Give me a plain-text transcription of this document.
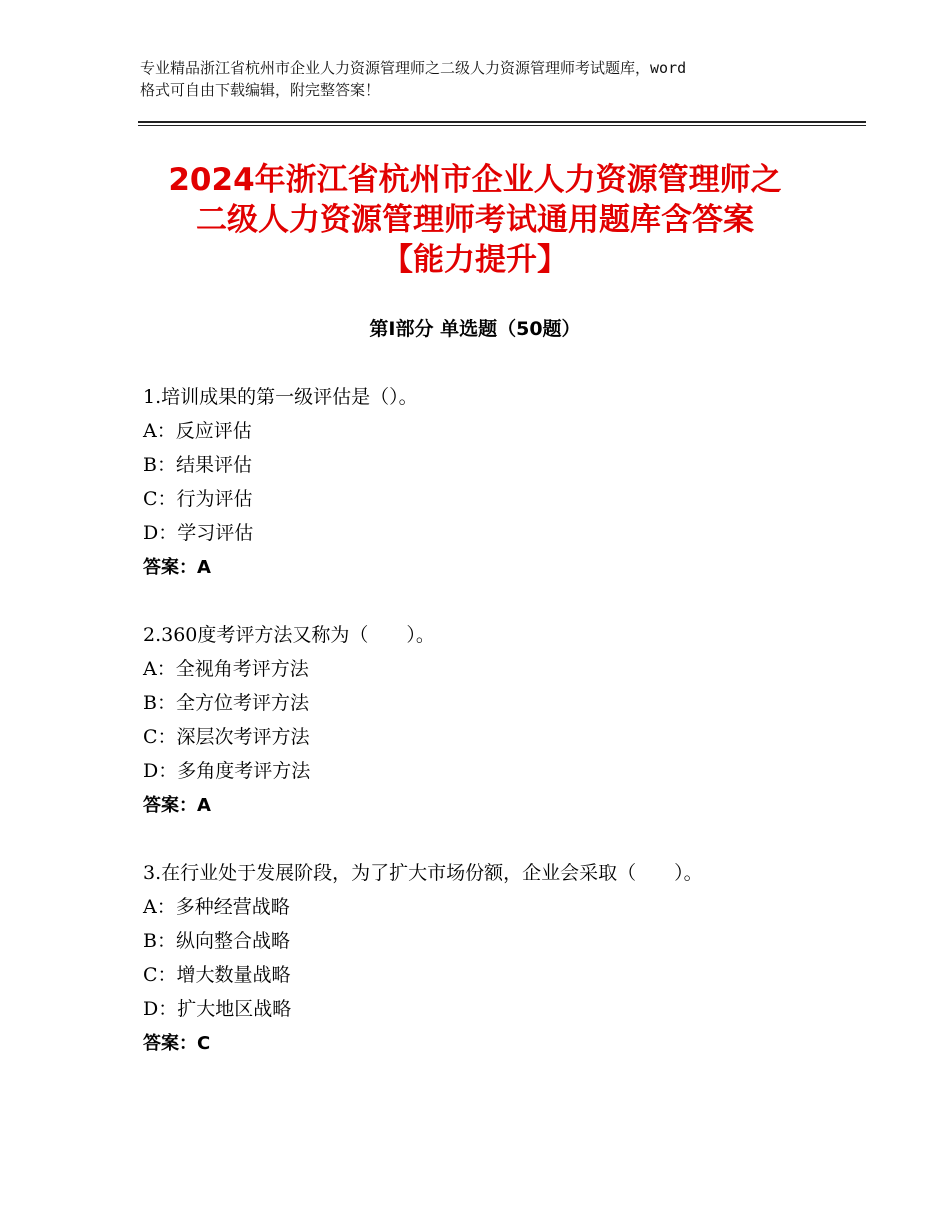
专业精品浙江省杭州市企业人力资源管理师之二级人力资源管理师考试题库，word
格式可自由下载编辑，附完整答案！
2024年浙江省杭州市企业人力资源管理师之
二级人力资源管理师考试通用题库含答案
【能力提升】
第Ⅰ部分 单选题（50题）
1.培训成果的第一级评估是（）。
A：反应评估
B：结果评估
C：行为评估
D：学习评估
答案：A
2.360度考评方法又称为（　　）。
A：全视角考评方法
B：全方位考评方法
C：深层次考评方法
D：多角度考评方法
答案：A
3.在行业处于发展阶段，为了扩大市场份额，企业会采取（　　）。
A：多种经营战略
B：纵向整合战略
C：增大数量战略
D：扩大地区战略
答案：C
